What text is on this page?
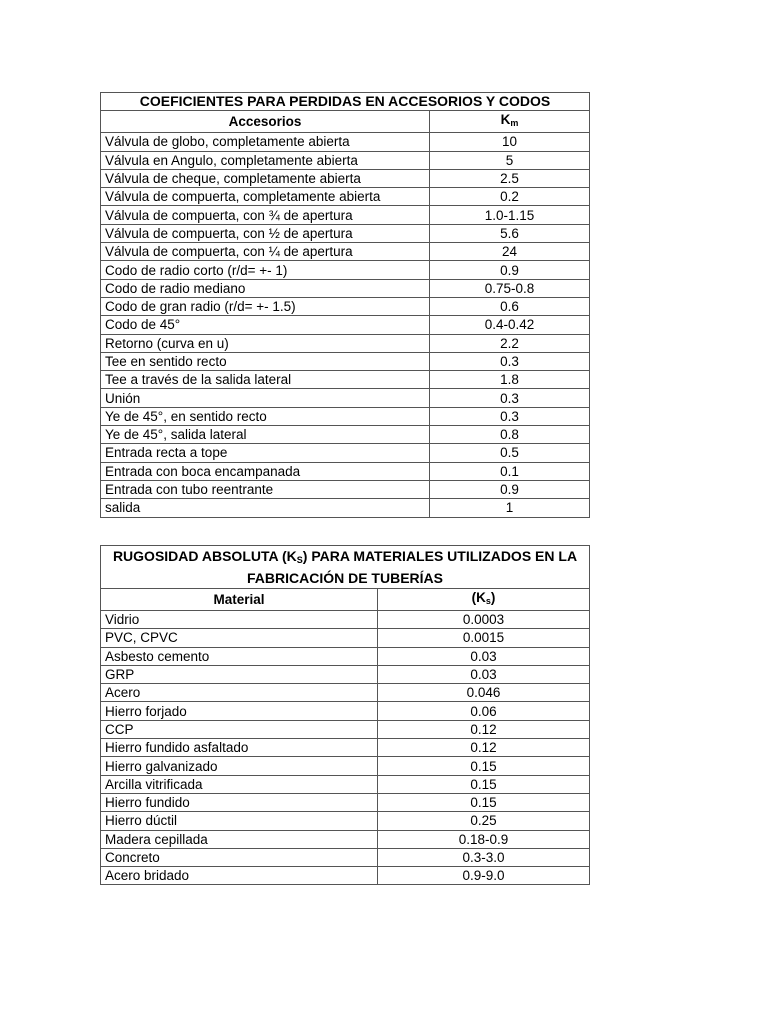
COEFICIENTES PARA PERDIDAS EN ACCESORIOS Y CODOS	
Accesorios	$K_m$
Válvula de globo, completamente abierta	10
Válvula en Angulo, completamente abierta	5
Válvula de cheque, completamente abierta	2.5
Válvula de compuerta, completamente abierta	0.2
Válvula de compuerta, con ¾ de apertura	1.0-1.15
Válvula de compuerta, con ½ de apertura	5.6
Válvula de compuerta, con ¼ de apertura	24
Codo de radio corto (r/d= +- 1)	0.9
Codo de radio mediano	0.75-0.8
Codo de gran radio (r/d= +- 1.5)	0.6
Codo de 45°	0.4-0.42
Retorno (curva en u)	2.2
Tee en sentido recto	0.3
Tee a través de la salida lateral	1.8
Unión	0.3
Ye de 45°, en sentido recto	0.3
Ye de 45°, salida lateral	0.8
Entrada recta a tope	0.5
Entrada con boca encampanada	0.1
Entrada con tubo reentrante	0.9
salida	1
RUGOSIDAD ABSOLUTA $(K_S)$ PARA MATERIALES UTILIZADOS EN LA FABRICACIÓN DE TUBERÍAS	
Material	$(K_s)$
Vidrio	0.0003
PVC, CPVC	0.0015
Asbesto cemento	0.03
GRP	0.03
Acero	0.046
Hierro forjado	0.06
CCP	0.12
Hierro fundido asfaltado	0.12
Hierro galvanizado	0.15
Arcilla vitrificada	0.15
Hierro fundido	0.15
Hierro dúctil	0.25
Madera cepillada	0.18-0.9
Concreto	0.3-3.0
Acero bridado	0.9-9.0
